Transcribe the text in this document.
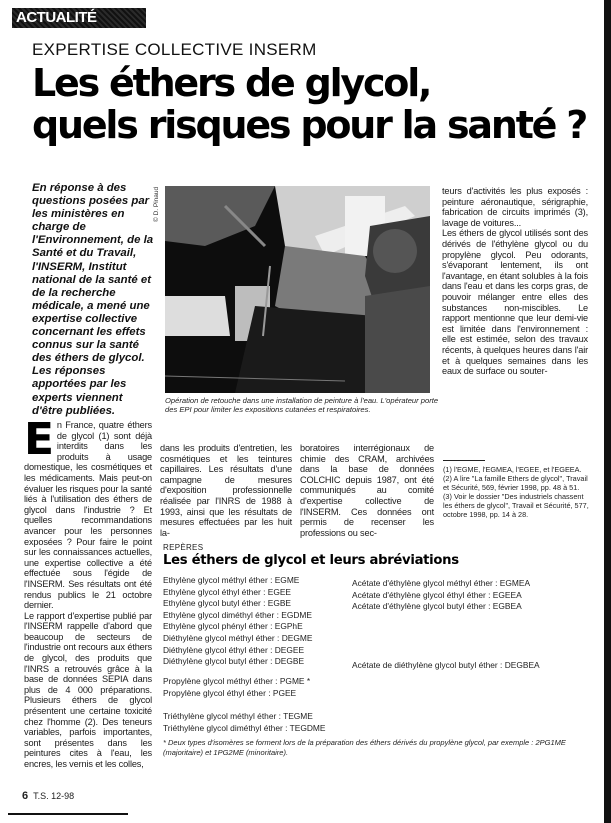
ACTUALITÉ
EXPERTISE COLLECTIVE INSERM
Les éthers de glycol,
quels risques pour la santé ?
En réponse à des questions posées par les ministères en charge de l'Environnement, de la Santé et du Travail, l'INSERM, Institut national de la santé et de la recherche médicale, a mené une expertise collective concernant les effets connus sur la santé des éthers de glycol. Les réponses apportées par les experts viennent d'être publiées.
© D. Pinaud
Opération de retouche dans une installation de peinture à l'eau. L'opérateur porte des EPI pour limiter les expositions cutanées et respiratoires.

teurs d'activités les plus exposés : peinture aéronautique, sérigraphie, fabrication de circuits imprimés (3), lavage de voitures...

Les éthers de glycol utilisés sont des dérivés de l'éthylène glycol ou du propylène glycol. Peu odorants, s'évaporant lentement, ils ont l'avantage, en étant solubles à la fois dans l'eau et dans les corps gras, de pouvoir mélanger entre elles des substances non-miscibles. Le rapport mentionne que leur demi-vie est limitée dans l'environnement : elle est estimée, selon des travaux récents, à quelques heures dans l'air et à quelques semaines dans les eaux de surface ou souter-

E n France, quatre éthers de glycol (1) sont déjà interdits dans les produits à usage domestique, les cosmétiques et les médicaments. Mais peut-on évaluer les risques pour la santé liés à l'utilisation des éthers de glycol dans l'industrie ? Et quelles recommandations avancer pour les personnes exposées ? Pour faire le point sur les connaissances actuelles, une expertise collective a été effectuée sous l'égide de l'INSERM. Ses résultats ont été rendus publics le 21 octobre dernier.

Le rapport d'expertise publié par l'INSERM rappelle d'abord que beaucoup de secteurs de l'industrie ont recours aux éthers de glycol, des produits que l'INRS a retrouvés grâce à la base de données SEPIA dans plus de 4 000 préparations. Plusieurs éthers de glycol présentent une certaine toxicité chez l'homme (2). Des teneurs variables, parfois importantes, sont présentes dans les peintures cites à l'eau, les encres, les vernis et les colles,

dans les produits d'entretien, les cosmétiques et les teintures capillaires. Les résultats d'une campagne de mesures d'exposition professionnelle réalisée par l'INRS de 1988 à 1993, ainsi que les résultats de mesures effectuées par les huit la-

boratoires interrégionaux de chimie des CRAM, archivées dans la base de données COLCHIC depuis 1987, ont été communiqués au comité d'expertise collective de l'INSERM. Ces données ont permis de recenser les professions ou sec-

(1) l'EGME, l'EGMEA, l'EGEE, et l'EGEEA.
(2) A lire "La famille Ethers de glycol", Travail et Sécurité, 569, février 1998, pp. 48 à 51.
(3) Voir le dossier "Des industriels chassent les éthers de glycol", Travail et Sécurité, 577, octobre 1998, pp. 14 à 28.
REPÈRES
Les éthers de glycol et leurs abréviations
Ethylène glycol méthyl éther : EGME
Ethylène glycol éthyl éther : EGEE
Ethylène glycol butyl éther : EGBE
Ethylène glycol diméthyl éther : EGDME
Ethylène glycol phényl éther : EGPhE
Diéthylène glycol méthyl éther : DEGME
Diéthylène glycol éthyl éther : DEGEE
Diéthylène glycol butyl éther : DEGBE
Propylène glycol méthyl éther : PGME *
Propylène glycol éthyl éther : PGEE
Triéthylène glycol méthyl éther : TEGME
Triéthylène glycol diméthyl éther : TEGDME
Acétate d'éthylène glycol méthyl éther : EGMEA
Acétate d'éthylène glycol éthyl éther : EGEEA
Acétate d'éthylène glycol butyl éther : EGBEA
Acétate de diéthylène glycol butyl éther : DEGBEA
* Deux types d'isomères se forment lors de la préparation des éthers dérivés du propylène glycol, par exemple : 2PG1ME (majoritaire) et 1PG2ME (minoritaire).
6 T.S. 12-98
